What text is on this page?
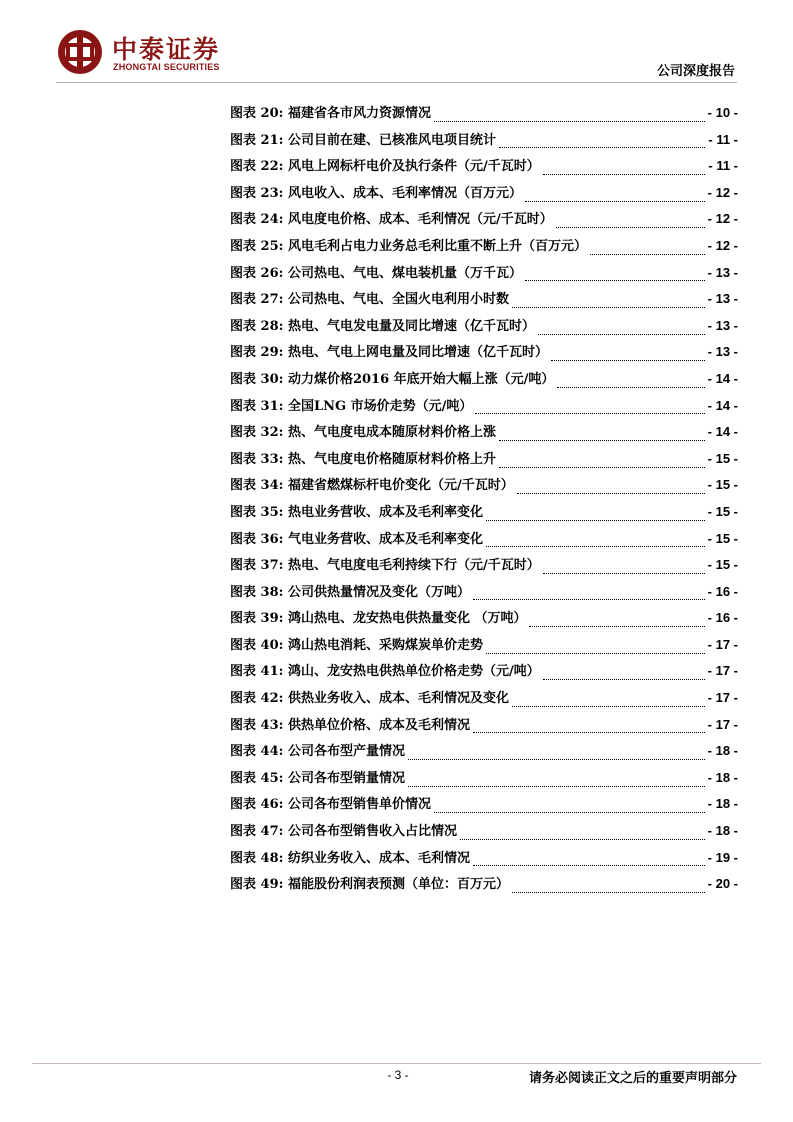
中泰证券
ZHONGTAI SECURITIES	公司深度报告
图表 20:
福建省各市风力资源情况	- 10 -
图表 21:
公司目前在建、已核准风电项目统计	- 11 -
图表 22:
风电上网标杆电价及执行条件（元/千瓦时）	- 11 -
图表 23:
风电收入、成本、毛利率情况（百万元）	- 12 -
图表 24:
风电度电价格、成本、毛利情况（元/千瓦时）	- 12 -
图表 25:
风电毛利占电力业务总毛利比重不断上升（百万元）	- 12 -
图表 26:
公司热电、气电、煤电装机量（万千瓦）	- 13 -
图表 27:
公司热电、气电、全国火电利用小时数	- 13 -
图表 28:
热电、气电发电量及同比增速（亿千瓦时）	- 13 -
图表 29:
热电、气电上网电量及同比增速（亿千瓦时）	- 13 -
图表 30:
动力煤价格2016 年底开始大幅上涨（元/吨）	- 14 -
图表 31:
全国LNG 市场价走势（元/吨）	- 14 -
图表 32:
热、气电度电成本随原材料价格上涨	- 14 -
图表 33:
热、气电度电价格随原材料价格上升	- 15 -
图表 34:
福建省燃煤标杆电价变化（元/千瓦时）	- 15 -
图表 35:
热电业务营收、成本及毛利率变化	- 15 -
图表 36:
气电业务营收、成本及毛利率变化	- 15 -
图表 37:
热电、气电度电毛利持续下行（元/千瓦时）	- 15 -
图表 38:
公司供热量情况及变化（万吨）	- 16 -
图表 39:
鸿山热电、龙安热电供热量变化 （万吨）	- 16 -
图表 40:
鸿山热电消耗、采购煤炭单价走势	- 17 -
图表 41:
鸿山、龙安热电供热单位价格走势（元/吨）	- 17 -
图表 42:
供热业务收入、成本、毛利情况及变化	- 17 -
图表 43:
供热单位价格、成本及毛利情况	- 17 -
图表 44:
公司各布型产量情况	- 18 -
图表 45:
公司各布型销量情况	- 18 -
图表 46:
公司各布型销售单价情况	- 18 -
图表 47:
公司各布型销售收入占比情况	- 18 -
图表 48:
纺织业务收入、成本、毛利情况	- 19 -
图表 49:
福能股份利润表预测（单位：百万元）	- 20 -
- 3 -	请务必阅读正文之后的重要声明部分
